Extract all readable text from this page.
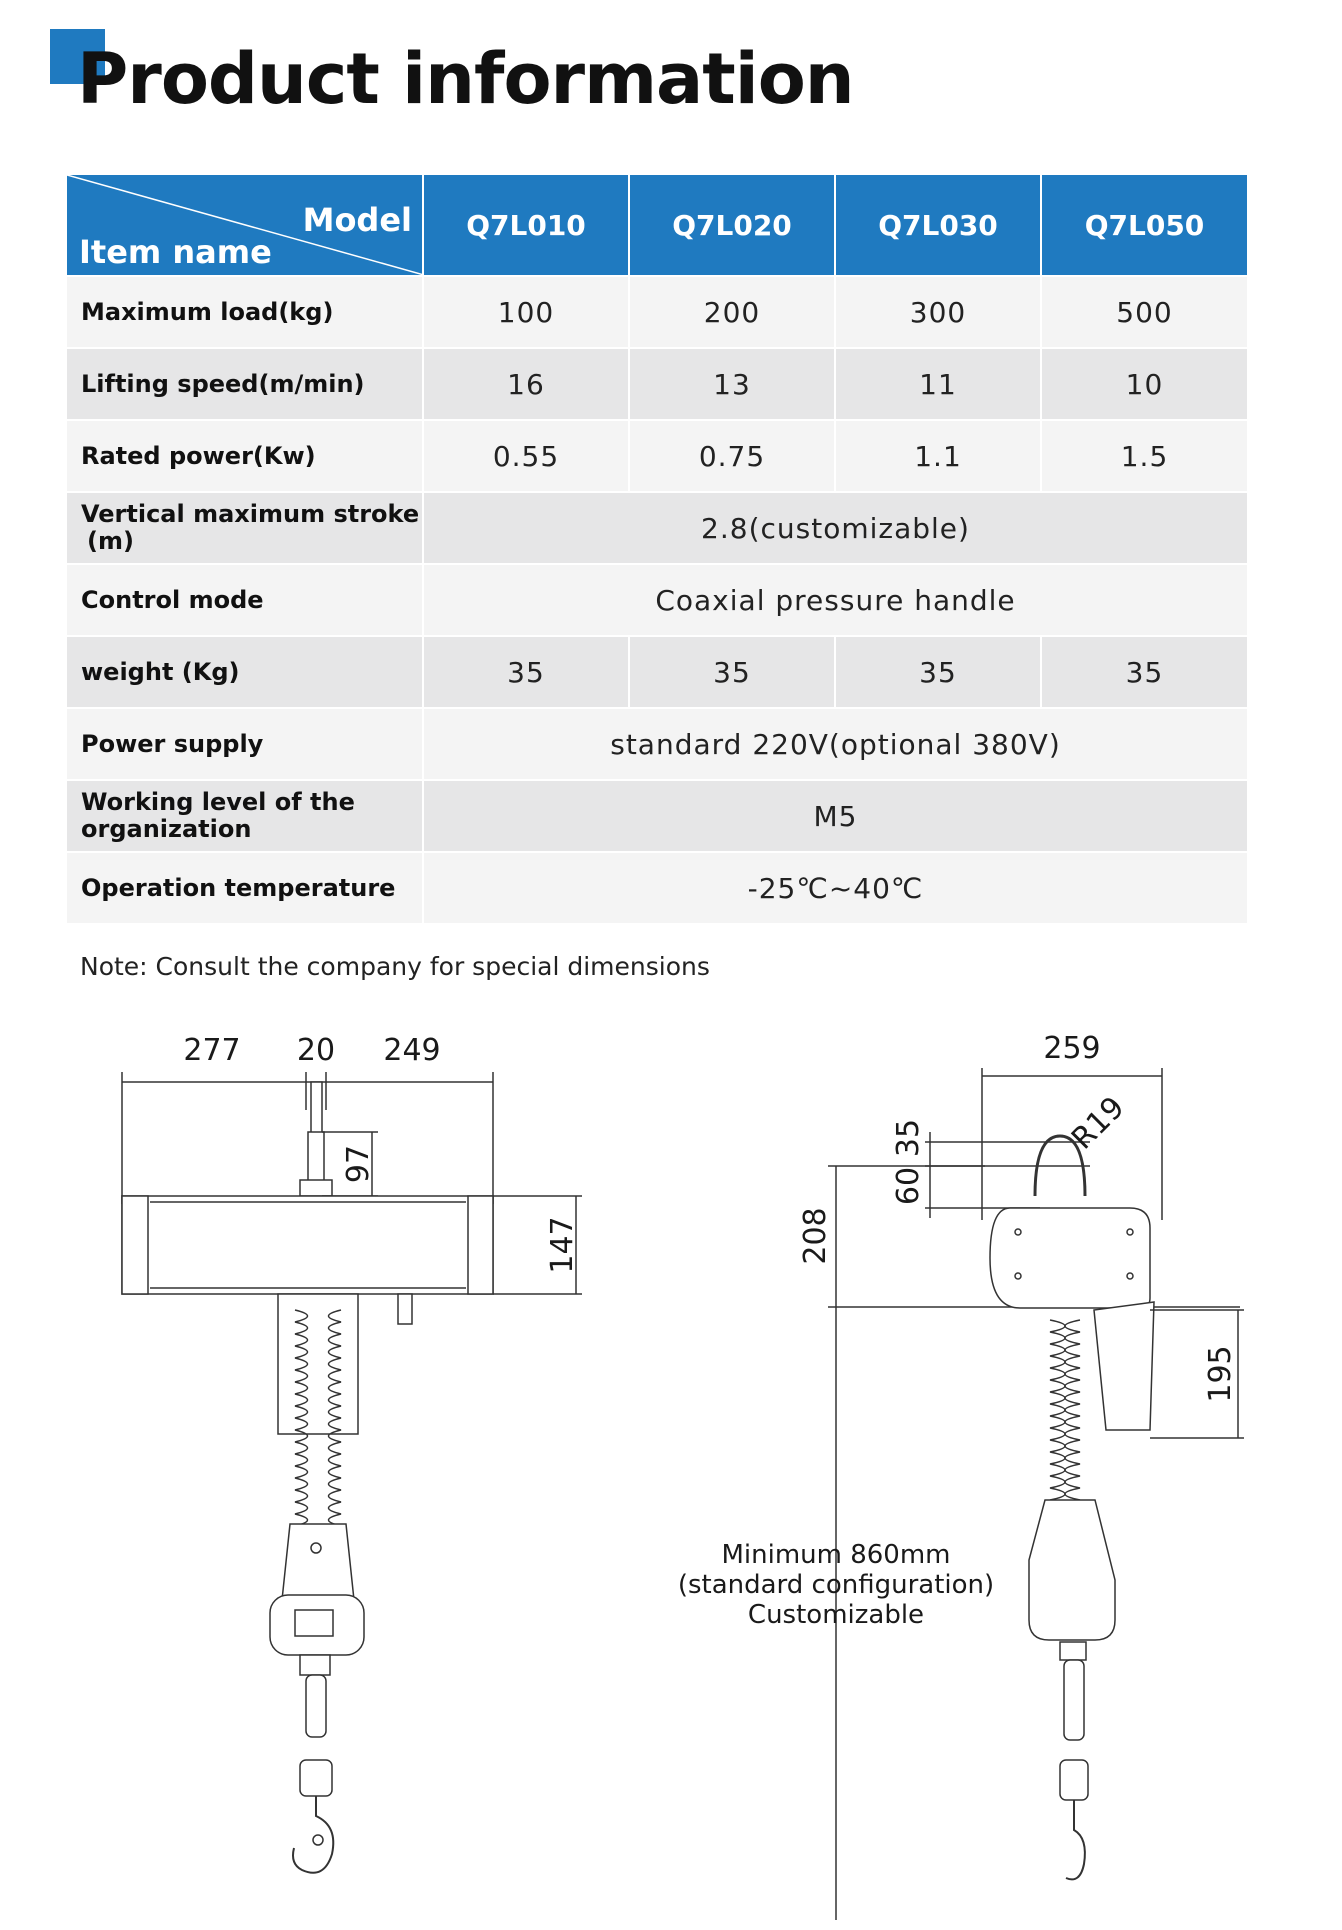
Product information
Model
Item name	Q7L010	Q7L020	Q7L030	Q7L050
Maximum load(kg)	100	200	300	500
Lifting speed(m/min)	16	13	11	10
Rated power(Kw)	0.55	0.75	1.1	1.5

Vertical maximum stroke
(m)	2.8(customizable)			
Control mode	Coaxial pressure handle			
weight (Kg)	35	35	35	35
Power supply	standard 220V(optional 380V)			

Working level of the
organization	M5			
Operation temperature	-25℃~40℃			
Note: Consult the company for special dimensions
277 20 249
97
147
259
R19
35
60
208
195
Minimum 860mm
(standard configuration)
Customizable
